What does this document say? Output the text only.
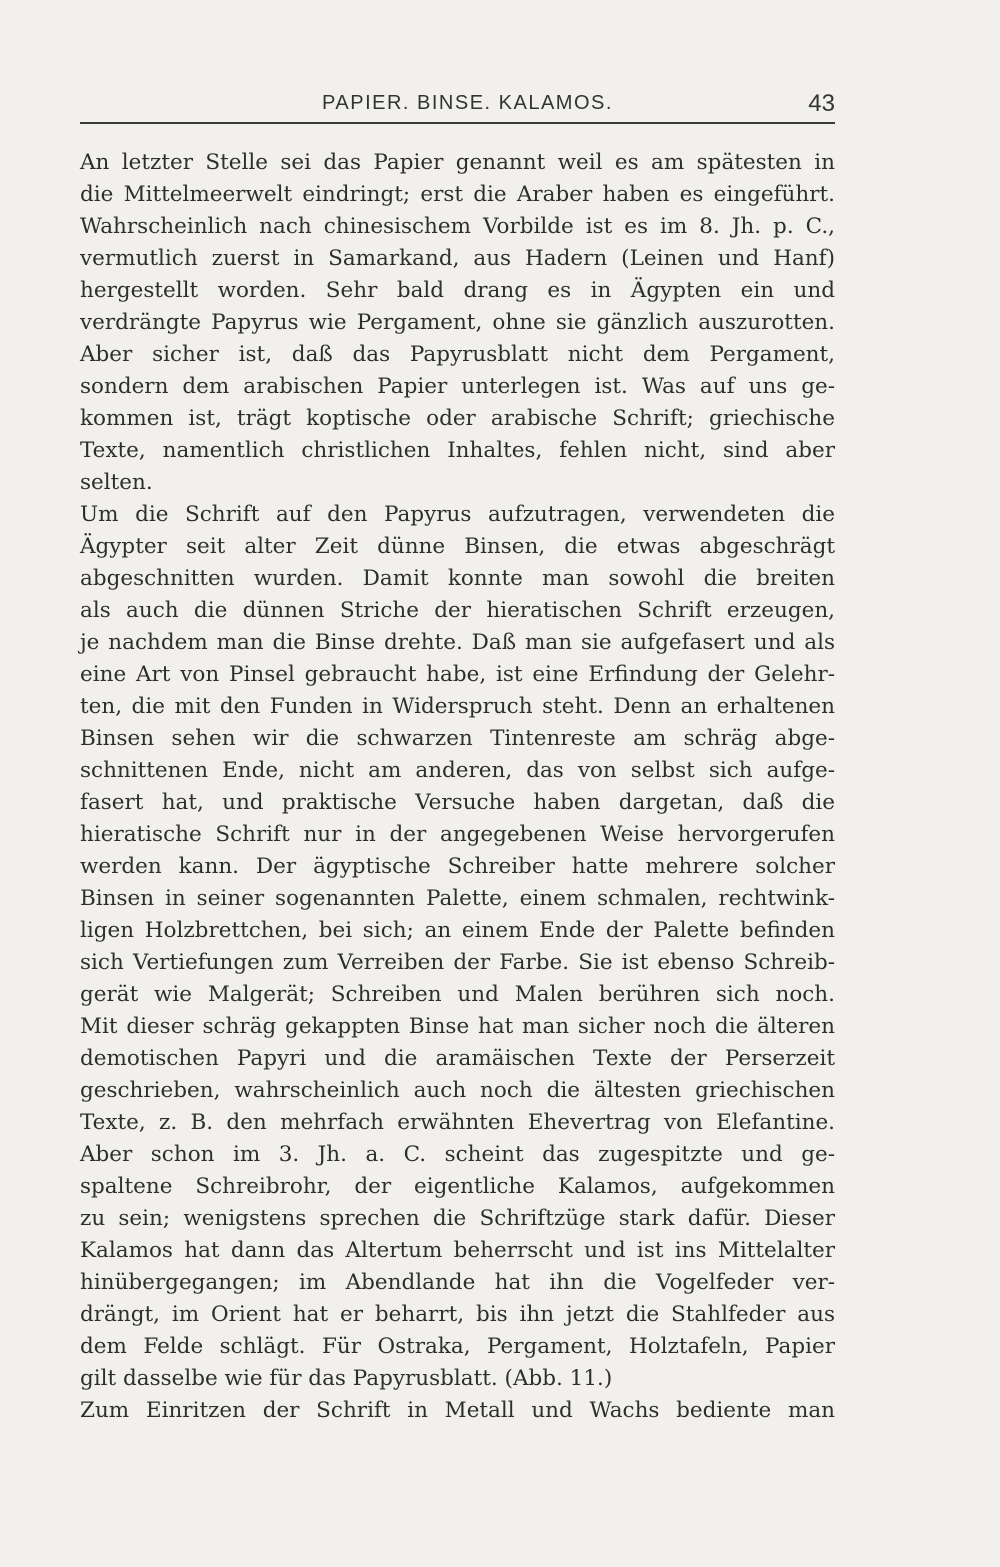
PAPIER. BINSE. KALAMOS.	43
An letzter Stelle sei das Papier genannt weil es am spätesten in
die Mittelmeerwelt eindringt; erst die Araber haben es eingeführt.
Wahrscheinlich nach chinesischem Vorbilde ist es im 8. Jh. p. C.,
vermutlich zuerst in Samarkand, aus Hadern (Leinen und Hanf)
hergestellt worden. Sehr bald drang es in Ägypten ein und
verdrängte Papyrus wie Pergament, ohne sie gänzlich auszurotten.
Aber sicher ist, daß das Papyrusblatt nicht dem Pergament,
sondern dem arabischen Papier unterlegen ist. Was auf uns ge-
kommen ist, trägt koptische oder arabische Schrift; griechische
Texte, namentlich christlichen Inhaltes, fehlen nicht, sind aber
selten.
Um die Schrift auf den Papyrus aufzutragen, verwendeten die
Ägypter seit alter Zeit dünne Binsen, die etwas abgeschrägt
abgeschnitten wurden. Damit konnte man sowohl die breiten
als auch die dünnen Striche der hieratischen Schrift erzeugen,
je nachdem man die Binse drehte. Daß man sie aufgefasert und als
eine Art von Pinsel gebraucht habe, ist eine Erfindung der Gelehr-
ten, die mit den Funden in Widerspruch steht. Denn an erhaltenen
Binsen sehen wir die schwarzen Tintenreste am schräg abge-
schnittenen Ende, nicht am anderen, das von selbst sich aufge-
fasert hat, und praktische Versuche haben dargetan, daß die
hieratische Schrift nur in der angegebenen Weise hervorgerufen
werden kann. Der ägyptische Schreiber hatte mehrere solcher
Binsen in seiner sogenannten Palette, einem schmalen, rechtwink-
ligen Holzbrettchen, bei sich; an einem Ende der Palette befinden
sich Vertiefungen zum Verreiben der Farbe. Sie ist ebenso Schreib-
gerät wie Malgerät; Schreiben und Malen berühren sich noch.
Mit dieser schräg gekappten Binse hat man sicher noch die älteren
demotischen Papyri und die aramäischen Texte der Perserzeit
geschrieben, wahrscheinlich auch noch die ältesten griechischen
Texte, z. B. den mehrfach erwähnten Ehevertrag von Elefantine.
Aber schon im 3. Jh. a. C. scheint das zugespitzte und ge-
spaltene Schreibrohr, der eigentliche Kalamos, aufgekommen
zu sein; wenigstens sprechen die Schriftzüge stark dafür. Dieser
Kalamos hat dann das Altertum beherrscht und ist ins Mittelalter
hinübergegangen; im Abendlande hat ihn die Vogelfeder ver-
drängt, im Orient hat er beharrt, bis ihn jetzt die Stahlfeder aus
dem Felde schlägt. Für Ostraka, Pergament, Holztafeln, Papier
gilt dasselbe wie für das Papyrusblatt. (Abb. 11.)
Zum Einritzen der Schrift in Metall und Wachs bediente man
